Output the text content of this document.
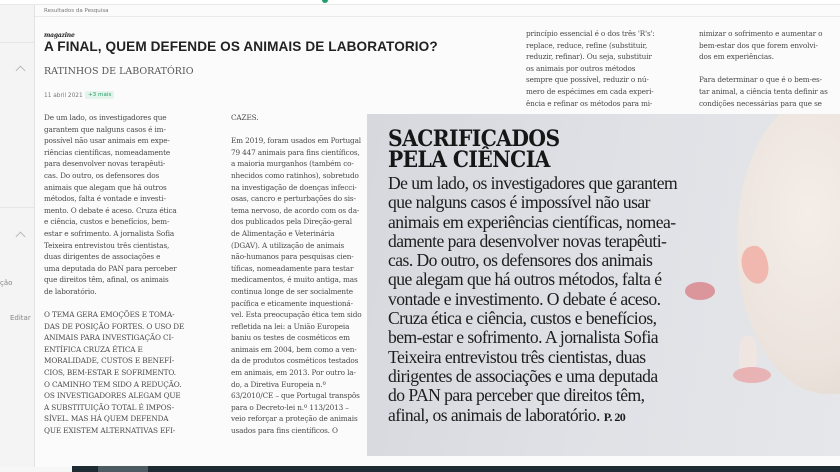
ção
Editar
Resultados da Pesquisa
magazine
A FINAL, QUEM DEFENDE OS ANIMAIS DE LABORATORIO?
RATINHOS DE LABORATÓRIO
11 abril 2021 +3 mais

De um lado, os investigadores que

garantem que nalguns casos é im-

possível não usar animais em expe-

riências científicas, nomeadamente

para desenvolver novas terapêuti-

cas. Do outro, os defensores dos

animais que alegam que há outros

métodos, falta é vontade e investi-

mento. O debate é aceso. Cruza ética

e ciência, custos e benefícios, bem-

estar e sofrimento. A jornalista Sofia

Teixeira entrevistou três cientistas,

duas dirigentes de associações e

uma deputada do PAN para perceber

que direitos têm, afinal, os animais

de laboratório.

O TEMA GERA EMOÇÕES E TOMA-

DAS DE POSIÇÃO FORTES. O USO DE

ANIMAIS PARA INVESTIGAÇÃO CI-

ENTÍFICA CRUZA ÉTICA E

MORALIDADE, CUSTOS E BENEFÍ-

CIOS, BEM-ESTAR E SOFRIMENTO.

O CAMINHO TEM SIDO A REDUÇÃO.

OS INVESTIGADORES ALEGAM QUE

A SUBSTITUIÇÃO TOTAL É IMPOS-

SÍVEL. MAS HÁ QUEM DEFENDA

QUE EXISTEM ALTERNATIVAS EFI-

CAZES.

Em 2019, foram usados em Portugal

79 447 animais para fins científicos,

a maioria murganhos (também co-

nhecidos como ratinhos), sobretudo

na investigação de doenças infecci-

osas, cancro e perturbações do sis-

tema nervoso, de acordo com os da-

dos publicados pela Direção-geral

de Alimentação e Veterinária

(DGAV). A utilização de animais

não-humanos para pesquisas cien-

tíficas, nomeadamente para testar

medicamentos, é muito antiga, mas

continua longe de ser socialmente

pacífica e eticamente inquestioná-

vel. Esta preocupação ética tem sido

refletida na lei: a União Europeia

baniu os testes de cosméticos em

animais em 2004, bem como a ven-

da de produtos cosméticos testados

em animais, em 2013. Por outro la-

do, a Diretiva Europeia n.º

63/2010/CE – que Portugal transpôs

para o Decreto-lei n.º 113/2013 –

veio reforçar a proteção de animais

usados para fins científicos. O

princípio essencial é o dos três 'R's':

replace, reduce, refine (substituir,

reduzir, refinar). Ou seja, substituir

os animais por outros métodos

sempre que possível, reduzir o nú-

mero de espécimes em cada experi-

ência e refinar os métodos para mi-

nimizar o sofrimento e aumentar o

bem-estar dos que forem envolvi-

dos em experiências.

Para determinar o que é o bem-es-

tar animal, a ciência tenta definir as

condições necessárias para que se

SACRIFICADOS
PELA CIÊNCIA
De um lado, os investigadores que garantem
que nalguns casos é impossível não usar
animais em experiências científicas, nomea-
damente para desenvolver novas terapêuti-
cas. Do outro, os defensores dos animais
que alegam que há outros métodos, falta é
vontade e investimento. O debate é aceso.
Cruza ética e ciência, custos e benefícios,
bem-estar e sofrimento. A jornalista Sofia
Teixeira entrevistou três cientistas, duas
dirigentes de associações e uma deputada
do PAN para perceber que direitos têm,
afinal, os animais de laboratório. P. 20
